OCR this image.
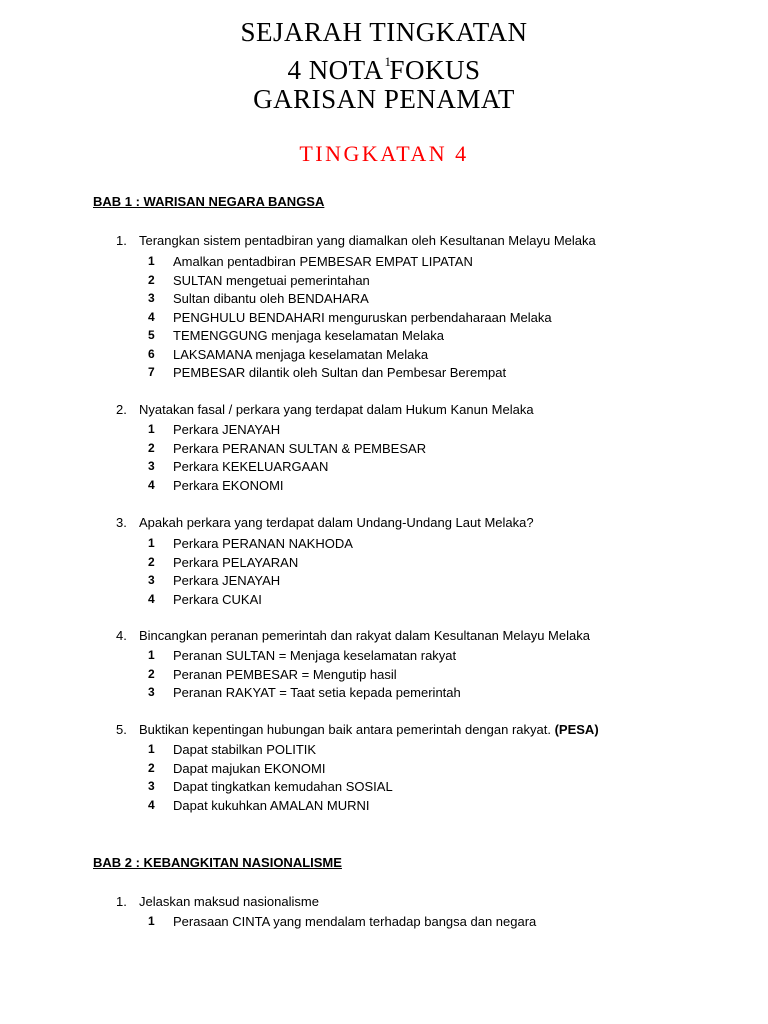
SEJARAH TINGKATAN
4 NOTA$^1$FOKUS
GARISAN PENAMAT
TINGKATAN 4
BAB 1 : WARISAN NEGARA BANGSA
1. Terangkan sistem pentadbiran yang diamalkan oleh Kesultanan Melayu Melaka
1	Amalkan pentadbiran PEMBESAR EMPAT LIPATAN
2	SULTAN mengetuai pemerintahan
3	Sultan dibantu oleh BENDAHARA
4	PENGHULU BENDAHARI menguruskan perbendaharaan Melaka
5	TEMENGGUNG menjaga keselamatan Melaka
6	LAKSAMANA menjaga keselamatan Melaka
7	PEMBESAR dilantik oleh Sultan dan Pembesar Berempat
2. Nyatakan fasal / perkara yang terdapat dalam Hukum Kanun Melaka
1	Perkara JENAYAH
2	Perkara PERANAN SULTAN & PEMBESAR
3	Perkara KEKELUARGAAN
4	Perkara EKONOMI
3. Apakah perkara yang terdapat dalam Undang-Undang Laut Melaka?
1	Perkara PERANAN NAKHODA
2	Perkara PELAYARAN
3	Perkara JENAYAH
4	Perkara CUKAI
4. Bincangkan peranan pemerintah dan rakyat dalam Kesultanan Melayu Melaka
1	Peranan SULTAN = Menjaga keselamatan rakyat
2	Peranan PEMBESAR = Mengutip hasil
3	Peranan RAKYAT = Taat setia kepada pemerintah
5. Buktikan kepentingan hubungan baik antara pemerintah dengan rakyat. (PESA)
1	Dapat stabilkan POLITIK
2	Dapat majukan EKONOMI
3	Dapat tingkatkan kemudahan SOSIAL
4	Dapat kukuhkan AMALAN MURNI
BAB 2 : KEBANGKITAN NASIONALISME
1. Jelaskan maksud nasionalisme
1	Perasaan CINTA yang mendalam terhadap bangsa dan negara
